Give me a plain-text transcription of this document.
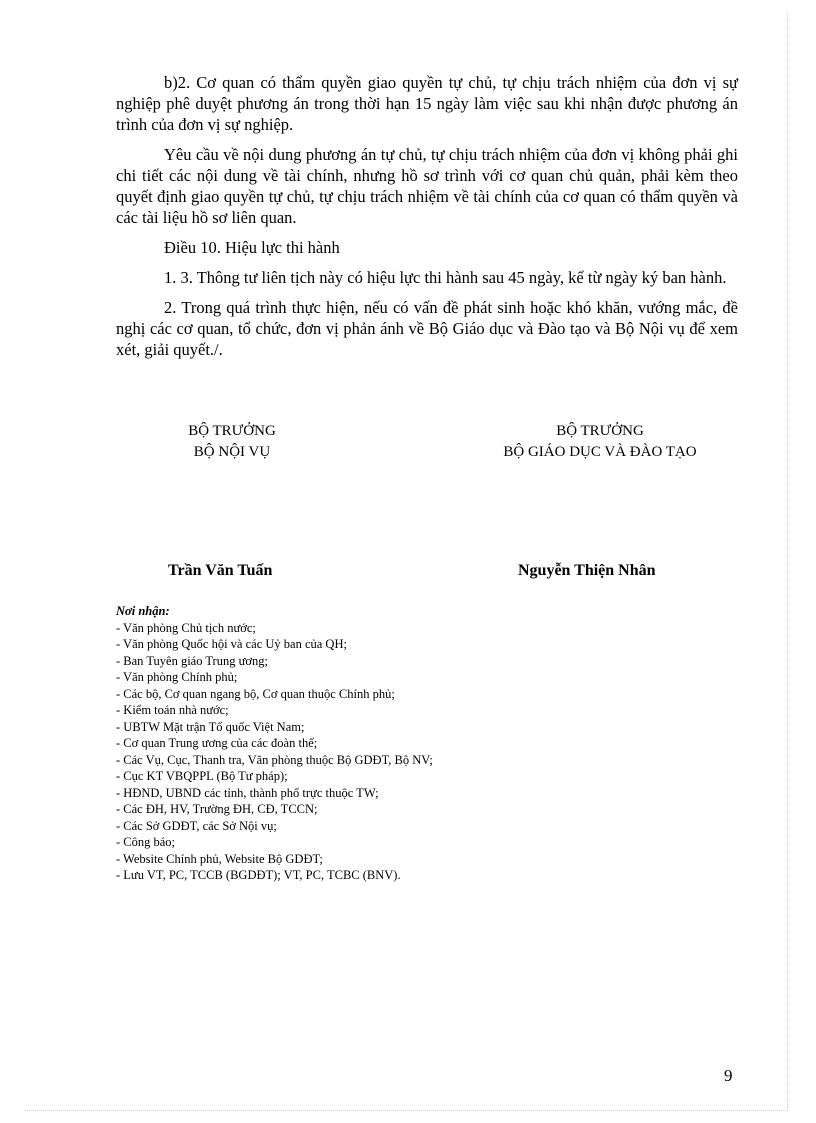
b)2. Cơ quan có thẩm quyền giao quyền tự chủ, tự chịu trách nhiệm của đơn vị sự nghiệp phê duyệt phương án trong thời hạn 15 ngày làm việc sau khi nhận được phương án trình của đơn vị sự nghiệp.

Yêu cầu về nội dung phương án tự chủ, tự chịu trách nhiệm của đơn vị không phải ghi chi tiết các nội dung về tài chính, nhưng hồ sơ trình với cơ quan chủ quản, phải kèm theo quyết định giao quyền tự chủ, tự chịu trách nhiệm về tài chính của cơ quan có thẩm quyền và các tài liệu hồ sơ liên quan.

Điều 10. Hiệu lực thi hành

1. 3. Thông tư liên tịch này có hiệu lực thi hành sau 45 ngày, kể từ ngày ký ban hành.

2. Trong quá trình thực hiện, nếu có vấn đề phát sinh hoặc khó khăn, vướng mắc, đề nghị các cơ quan, tổ chức, đơn vị phản ánh về Bộ Giáo dục và Đào tạo và Bộ Nội vụ để xem xét, giải quyết./.

BỘ TRƯỞNG
BỘ NỘI VỤ
BỘ TRƯỞNG
BỘ GIÁO DỤC VÀ ĐÀO TẠO
Trần Văn Tuấn	Nguyễn Thiện Nhân
Nơi nhận:
- Văn phòng Chủ tịch nước;
- Văn phòng Quốc hội và các Uỷ ban của QH;
- Ban Tuyên giáo Trung ương;
- Văn phòng Chính phủ;
- Các bộ, Cơ quan ngang bộ, Cơ quan thuộc Chính phủ;
- Kiểm toán nhà nước;
- UBTW Mặt trận Tổ quốc Việt Nam;
- Cơ quan Trung ương của các đoàn thể;
- Các Vụ, Cục, Thanh tra, Văn phòng thuộc Bộ GDĐT, Bộ NV;
- Cục KT VBQPPL (Bộ Tư pháp);
- HĐND, UBND các tỉnh, thành phố trực thuộc TW;
- Các ĐH, HV, Trường ĐH, CĐ, TCCN;
- Các Sở GDĐT, các Sở Nội vụ;
- Công báo;
- Website Chính phủ, Website Bộ GDĐT;
- Lưu VT, PC, TCCB (BGDĐT); VT, PC, TCBC (BNV).
9
